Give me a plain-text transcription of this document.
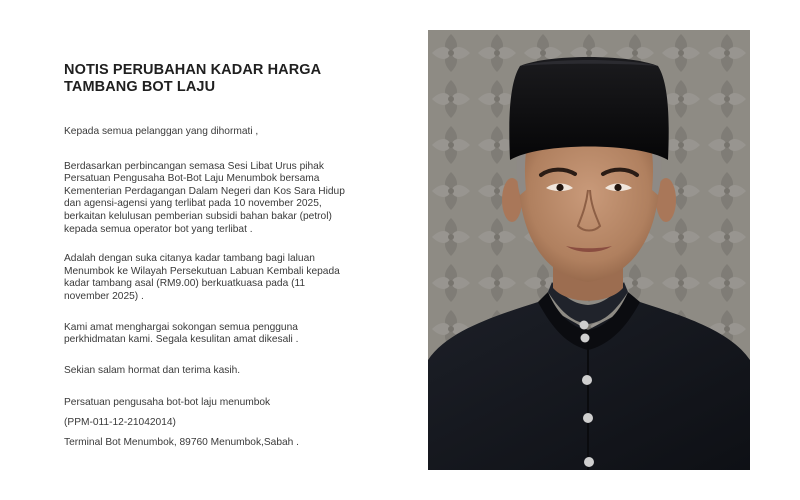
NOTIS PERUBAHAN KADAR HARGA
TAMBANG BOT LAJU

Kepada semua pelanggan yang dihormati ,

Berdasarkan perbincangan semasa Sesi Libat Urus pihak
Persatuan Pengusaha Bot-Bot Laju Menumbok bersama
Kementerian Perdagangan Dalam Negeri dan Kos Sara Hidup
dan agensi-agensi yang terlibat pada 10 november 2025,
berkaitan kelulusan pemberian subsidi bahan bakar (petrol)
kepada semua operator bot yang terlibat .

Adalah dengan suka citanya kadar tambang bagi laluan
Menumbok ke Wilayah Persekutuan Labuan Kembali kepada
kadar tambang asal (RM9.00) berkuatkuasa pada (11
november 2025) .

Kami amat menghargai sokongan semua pengguna
perkhidmatan kami. Segala kesulitan amat dikesali .

Sekian salam hormat dan terima kasih.

Persatuan pengusaha bot-bot laju menumbok
(PPM-011-12-21042014)
Terminal Bot Menumbok, 89760 Menumbok,Sabah .
